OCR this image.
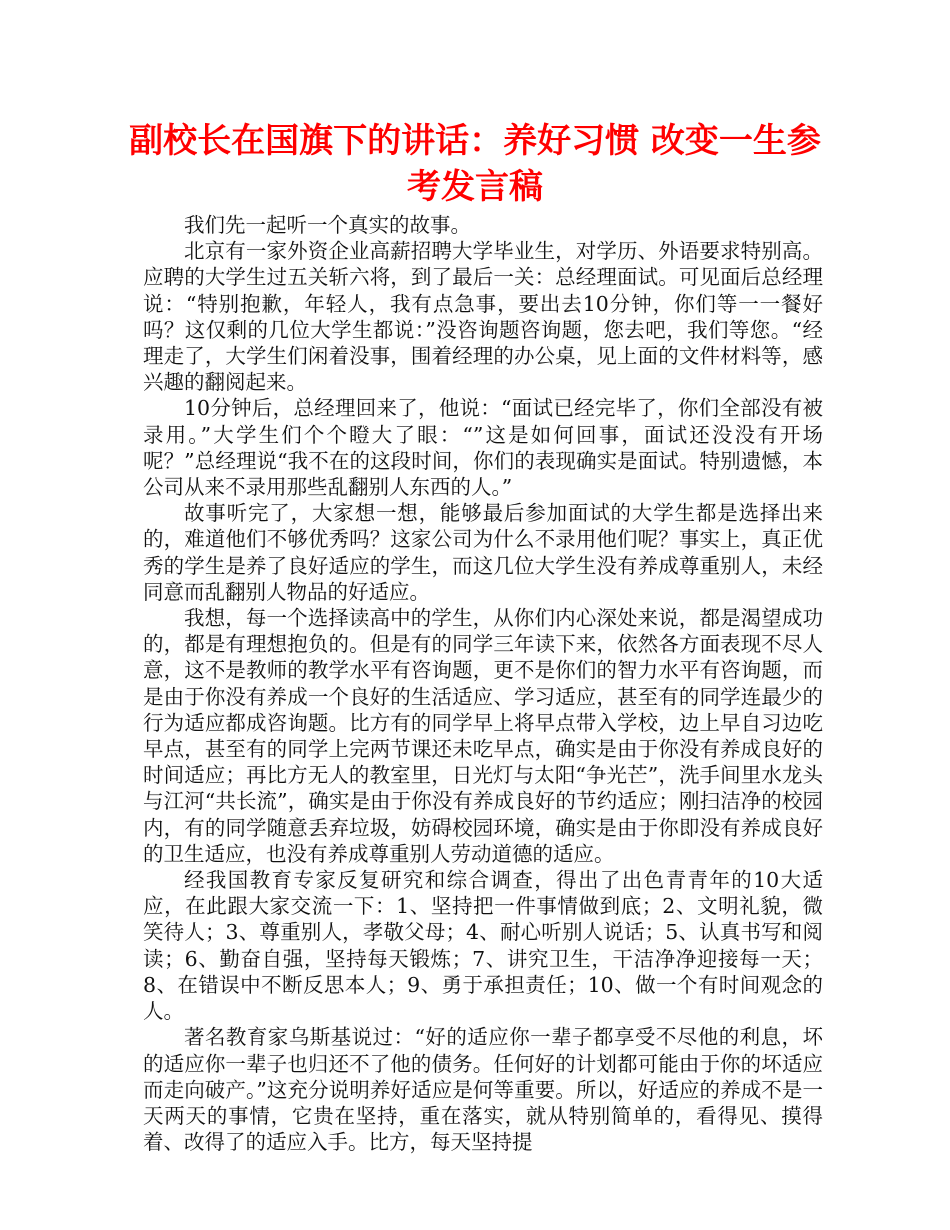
副校长在国旗下的讲话：养好习惯 改变一生参考发言稿

我们先一起听一个真实的故事。

北京有一家外资企业高薪招聘大学毕业生，对学历、外语要求特别高。应聘的大学生过五关斩六将，到了最后一关：总经理面试。可见面后总经理说：“特别抱歉，年轻人，我有点急事，要出去10分钟，你们等一一餐好吗？这仅剩的几位大学生都说：”没咨询题咨询题，您去吧，我们等您。“经理走了，大学生们闲着没事，围着经理的办公桌，见上面的文件材料等，感兴趣的翻阅起来。

10分钟后，总经理回来了，他说：“面试已经完毕了，你们全部没有被录用。”大学生们个个瞪大了眼：“”这是如何回事，面试还没没有开场呢？”总经理说“我不在的这段时间，你们的表现确实是面试。特别遗憾，本公司从来不录用那些乱翻别人东西的人。”

故事听完了，大家想一想，能够最后参加面试的大学生都是选择出来的，难道他们不够优秀吗？这家公司为什么不录用他们呢？事实上，真正优秀的学生是养了良好适应的学生，而这几位大学生没有养成尊重别人，未经同意而乱翻别人物品的好适应。

我想，每一个选择读高中的学生，从你们内心深处来说，都是渴望成功的，都是有理想抱负的。但是有的同学三年读下来，依然各方面表现不尽人意，这不是教师的教学水平有咨询题，更不是你们的智力水平有咨询题，而是由于你没有养成一个良好的生活适应、学习适应，甚至有的同学连最少的行为适应都成咨询题。比方有的同学早上将早点带入学校，边上早自习边吃早点，甚至有的同学上完两节课还未吃早点，确实是由于你没有养成良好的时间适应；再比方无人的教室里，日光灯与太阳“争光芒”，洗手间里水龙头与江河“共长流”，确实是由于你没有养成良好的节约适应；刚扫洁净的校园内，有的同学随意丢弃垃圾，妨碍校园环境，确实是由于你即没有养成良好的卫生适应，也没有养成尊重别人劳动道德的适应。

经我国教育专家反复研究和综合调查，得出了出色青青年的10大适应，在此跟大家交流一下：1、坚持把一件事情做到底；2、文明礼貌，微笑待人；3、尊重别人，孝敬父母；4、耐心听别人说话；5、认真书写和阅读；6、勤奋自强，坚持每天锻炼；7、讲究卫生，干洁净净迎接每一天；8、在错误中不断反思本人；9、勇于承担责任；10、做一个有时间观念的人。

著名教育家乌斯基说过：“好的适应你一辈子都享受不尽他的利息，坏的适应你一辈子也归还不了他的债务。任何好的计划都可能由于你的坏适应而走向破产。”这充分说明养好适应是何等重要。所以，好适应的养成不是一天两天的事情，它贵在坚持，重在落实，就从特别简单的，看得见、摸得着、改得了的适应入手。比方，每天坚持提
